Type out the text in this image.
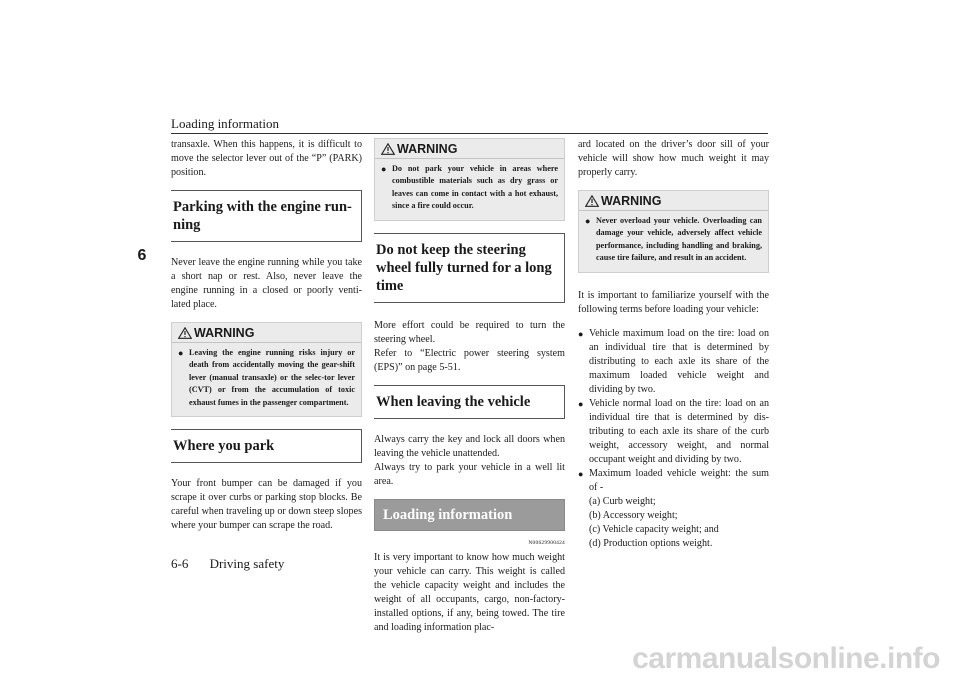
Loading information
6

transaxle. When this happens, it is difficult to move the selector lever out of the “P” (PARK) position.

Parking with the engine run-ning

Never leave the engine running while you take a short nap or rest. Also, never leave the engine running in a closed or poorly venti-lated place.

WARNING
● Leaving the engine running risks injury or death from accidentally moving the gear-shift lever (manual transaxle) or the selec-tor lever (CVT) or from the accumulation of toxic exhaust fumes in the passenger compartment.
Where you park

Your front bumper can be damaged if you scrape it over curbs or parking stop blocks. Be careful when traveling up or down steep slopes where your bumper can scrape the road.

WARNING
● Do not park your vehicle in areas where combustible materials such as dry grass or leaves can come in contact with a hot exhaust, since a fire could occur.
Do not keep the steering wheel fully turned for a long time

More effort could be required to turn the steering wheel.

Refer to “Electric power steering system (EPS)” on page 5-51.

When leaving the vehicle

Always carry the key and lock all doors when leaving the vehicle unattended.

Always try to park your vehicle in a well lit area.

Loading information
N00629900424

It is very important to know how much weight your vehicle can carry. This weight is called the vehicle capacity weight and includes the weight of all occupants, cargo, non-factory-installed options, if any, being towed. The tire and loading information plac-

ard located on the driver’s door sill of your vehicle will show how much weight it may properly carry.

WARNING
● Never overload your vehicle. Overloading can damage your vehicle, adversely affect vehicle performance, including handling and braking, cause tire failure, and result in an accident.

It is important to familiarize yourself with the following terms before loading your vehicle:

● Vehicle maximum load on the tire: load on an individual tire that is determined by distributing to each axle its share of the maximum loaded vehicle weight and dividing by two.
● Vehicle normal load on the tire: load on an individual tire that is determined by dis-tributing to each axle its share of the curb weight, accessory weight, and normal occupant weight and dividing by two.
● Maximum loaded vehicle weight: the sum of -
(a) Curb weight;
(b) Accessory weight;
(c) Vehicle capacity weight; and
(d) Production options weight.
6-6 Driving safety
carmanualsonline.info
